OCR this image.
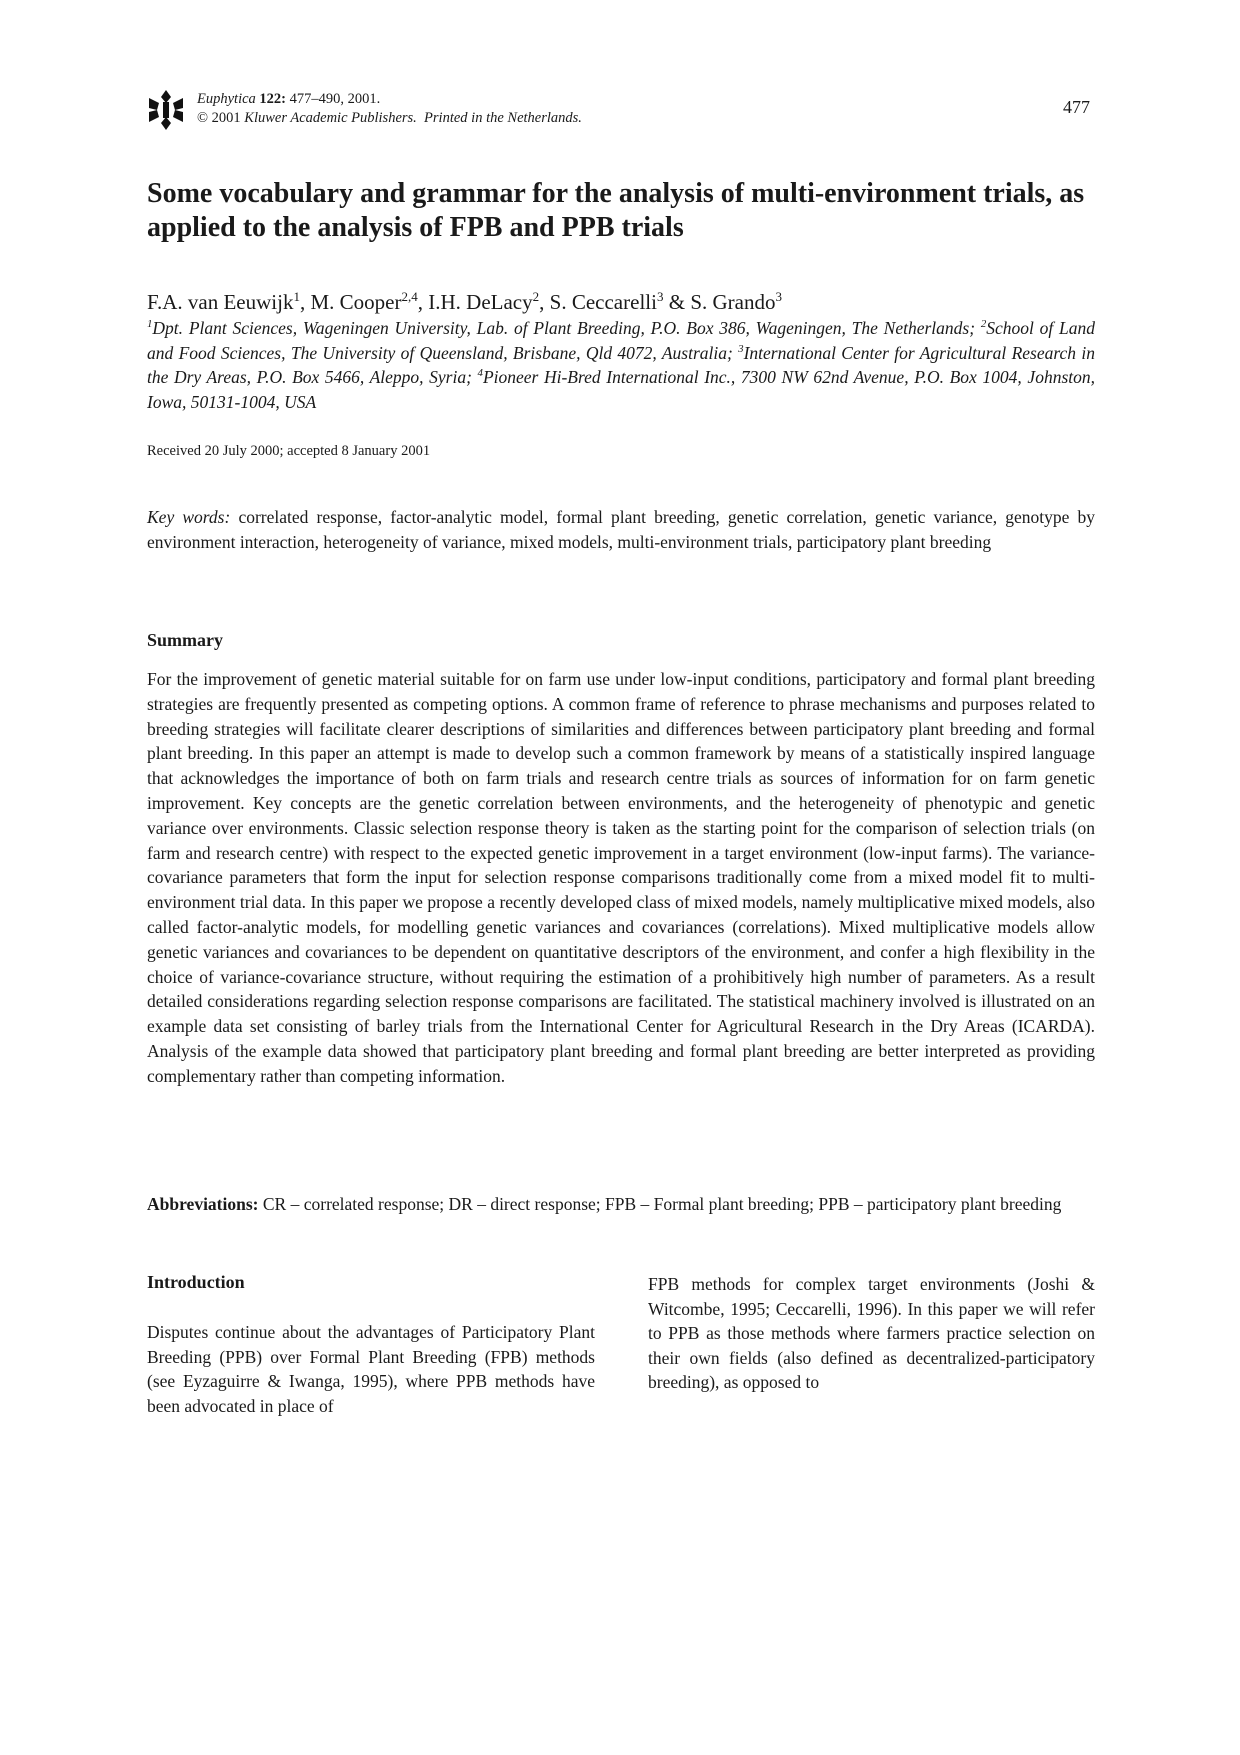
Euphytica 122: 477–490, 2001.
© 2001 Kluwer Academic Publishers. Printed in the Netherlands.
477
Some vocabulary and grammar for the analysis of multi-environment trials, as applied to the analysis of FPB and PPB trials
F.A. van Eeuwijk$^1$, M. Cooper$^{2,4}$, I.H. DeLacy$^2$, S. Ceccarelli$^3$ & S. Grando$^3$
$^1$Dpt. Plant Sciences, Wageningen University, Lab. of Plant Breeding, P.O. Box 386, Wageningen, The Netherlands; $^2$School of Land and Food Sciences, The University of Queensland, Brisbane, Qld 4072, Australia; $^3$International Center for Agricultural Research in the Dry Areas, P.O. Box 5466, Aleppo, Syria; $^4$Pioneer Hi-Bred International Inc., 7300 NW 62nd Avenue, P.O. Box 1004, Johnston, Iowa, 50131-1004, USA
Received 20 July 2000; accepted 8 January 2001
Key words: correlated response, factor-analytic model, formal plant breeding, genetic correlation, genetic variance, genotype by environment interaction, heterogeneity of variance, mixed models, multi-environment trials, participatory plant breeding
Summary

For the improvement of genetic material suitable for on farm use under low-input conditions, participatory and formal plant breeding strategies are frequently presented as competing options. A common frame of reference to phrase mechanisms and purposes related to breeding strategies will facilitate clearer descriptions of similarities and differences between participatory plant breeding and formal plant breeding. In this paper an attempt is made to develop such a common framework by means of a statistically inspired language that acknowledges the importance of both on farm trials and research centre trials as sources of information for on farm genetic improvement. Key concepts are the genetic correlation between environments, and the heterogeneity of phenotypic and genetic variance over environments. Classic selection response theory is taken as the starting point for the comparison of selection trials (on farm and research centre) with respect to the expected genetic improvement in a target environment (low-input farms). The variance-covariance parameters that form the input for selection response comparisons traditionally come from a mixed model fit to multi-environment trial data. In this paper we propose a recently developed class of mixed models, namely multiplicative mixed models, also called factor-analytic models, for modelling genetic variances and covariances (correlations). Mixed multiplicative models allow genetic variances and covariances to be dependent on quantitative descriptors of the environment, and confer a high flexibility in the choice of variance-covariance structure, without requiring the estimation of a prohibitively high number of parameters. As a result detailed considerations regarding selection response comparisons are facilitated. The statistical machinery involved is illustrated on an example data set consisting of barley trials from the International Center for Agricultural Research in the Dry Areas (ICARDA). Analysis of the example data showed that participatory plant breeding and formal plant breeding are better interpreted as providing complementary rather than competing information.

Abbreviations: CR – correlated response; DR – direct response; FPB – Formal plant breeding; PPB – participatory plant breeding
Introduction

Disputes continue about the advantages of Participatory Plant Breeding (PPB) over Formal Plant Breeding (FPB) methods (see Eyzaguirre & Iwanga, 1995), where PPB methods have been advocated in place of

FPB methods for complex target environments (Joshi & Witcombe, 1995; Ceccarelli, 1996). In this paper we will refer to PPB as those methods where farmers practice selection on their own fields (also defined as decentralized-participatory breeding), as opposed to
